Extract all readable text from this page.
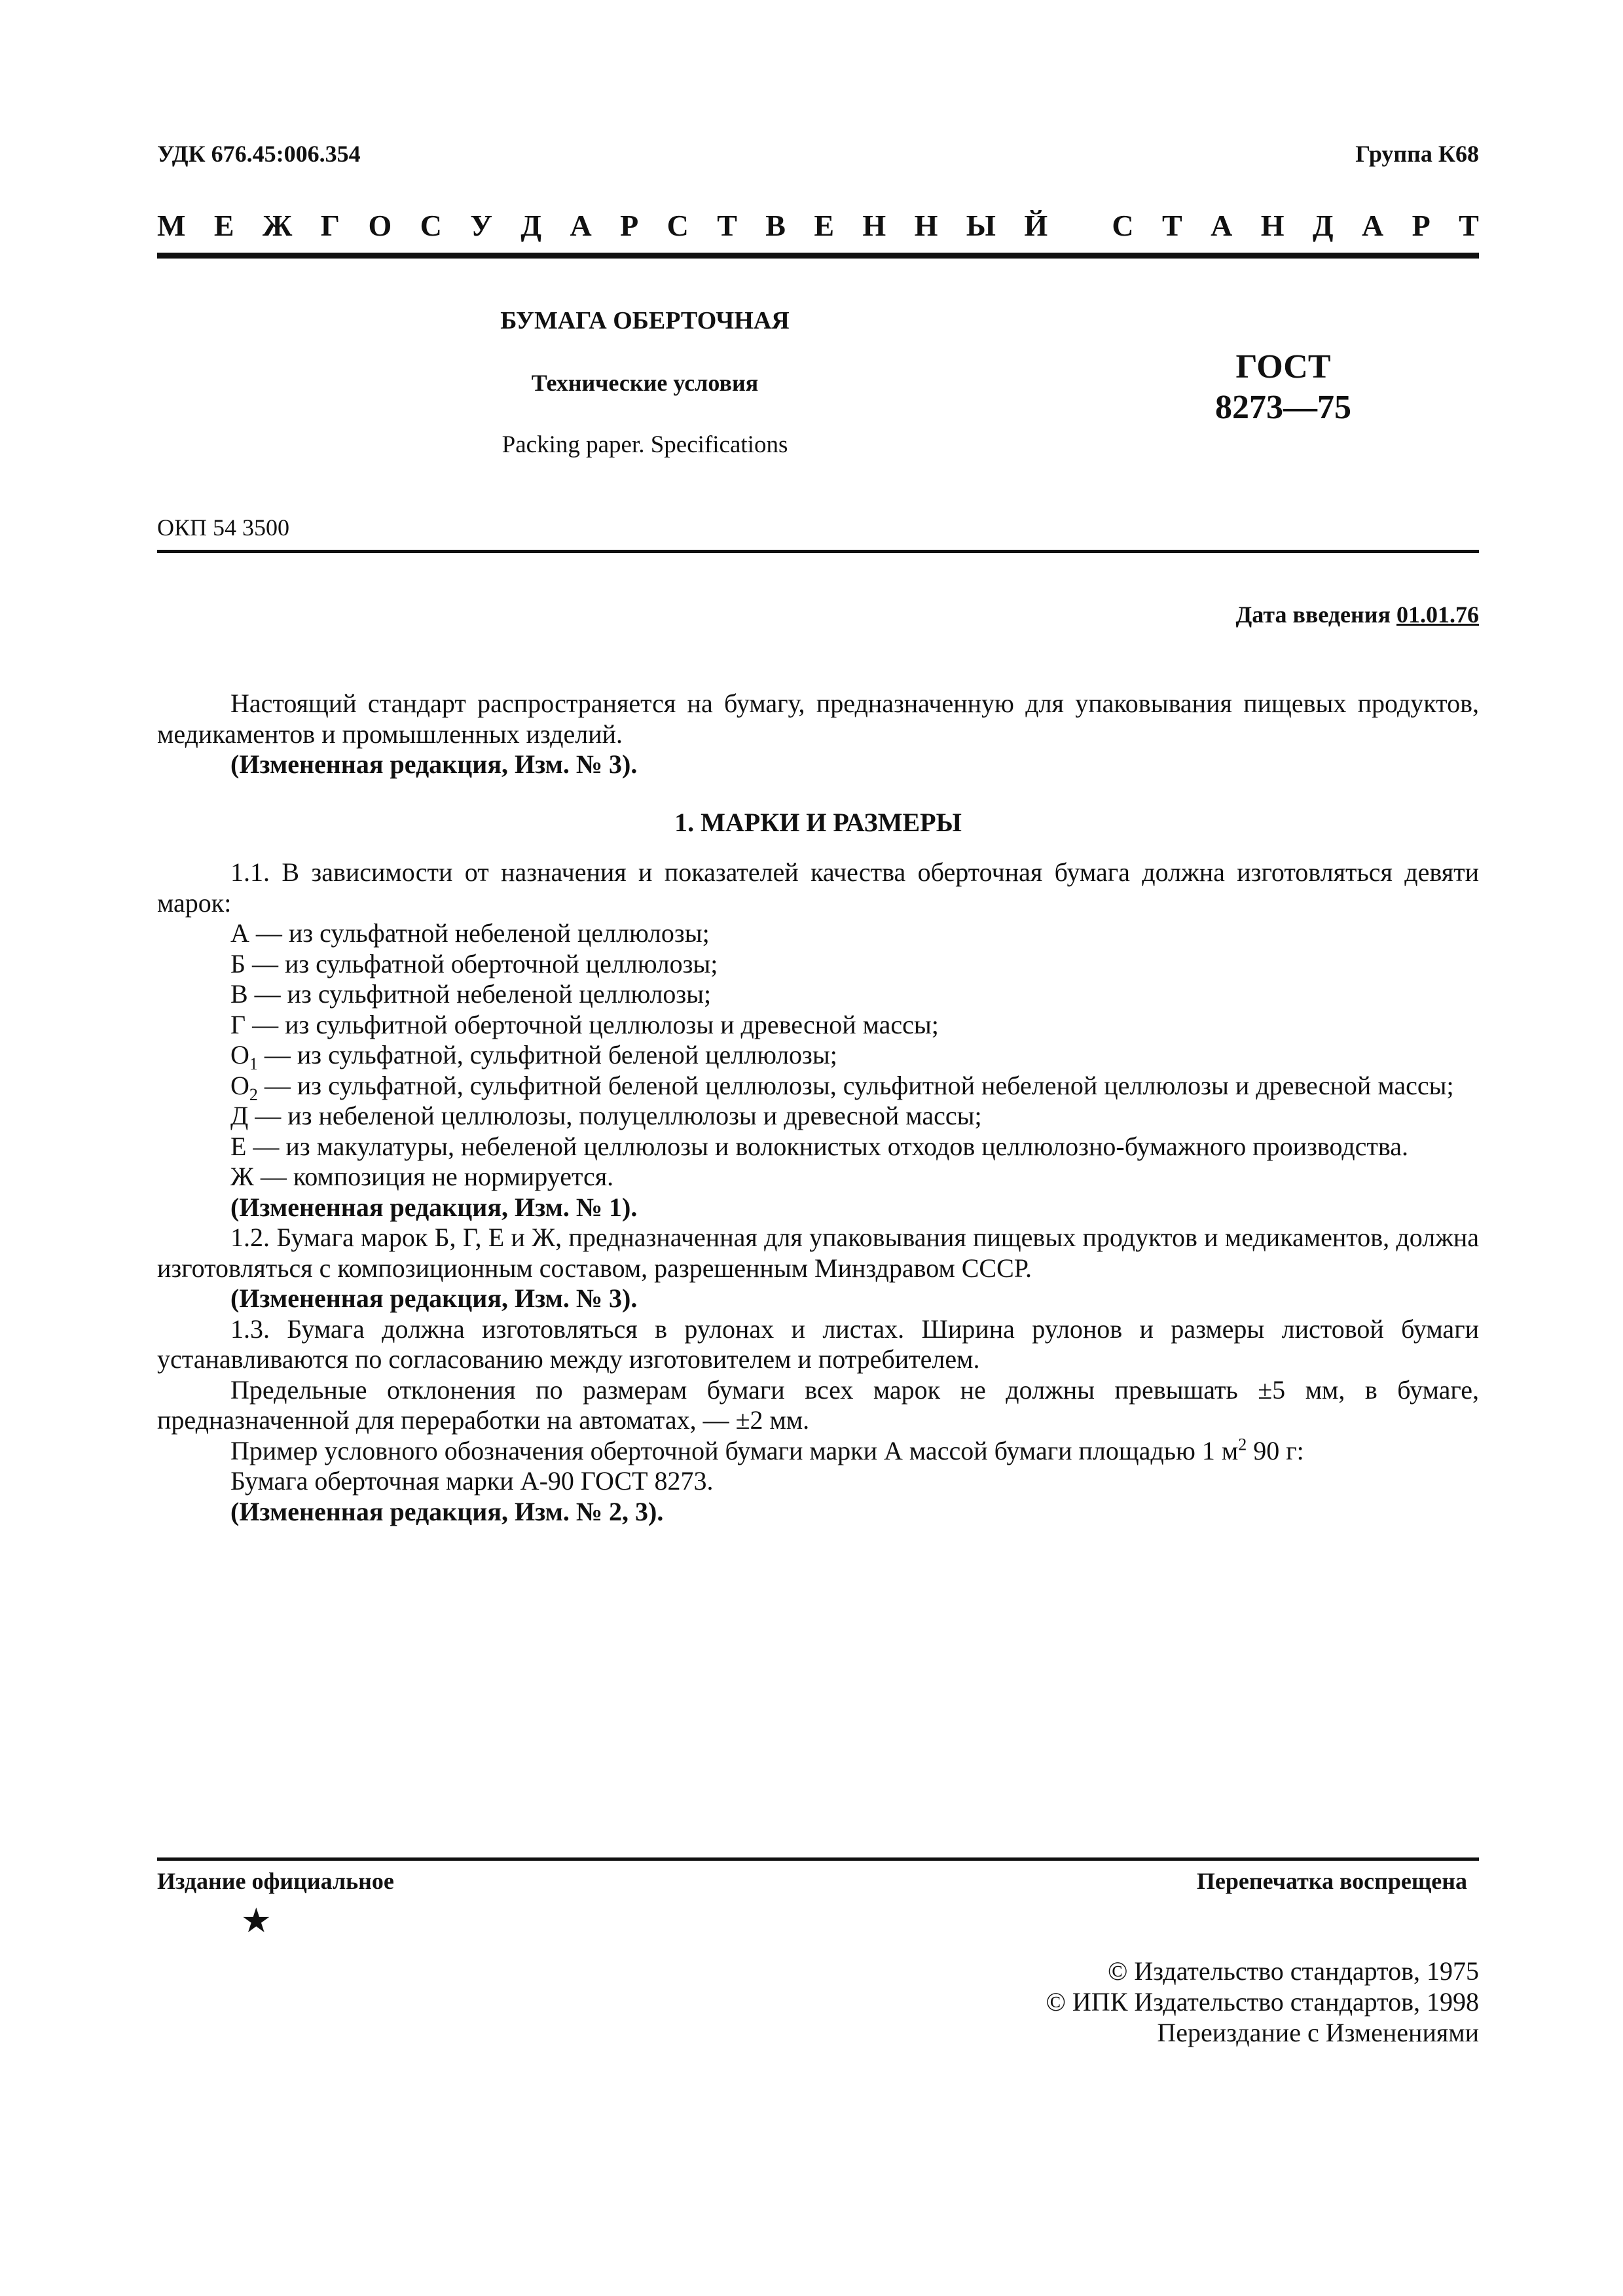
УДК 676.45:006.354	Группа К68
М Е Ж Г О С У Д А Р С Т В Е Н Н Ы Й
С Т А Н Д А Р Т
БУМАГА ОБЕРТОЧНАЯ
Технические условия
Packing paper. Specifications
ГОСТ
8273—75
ОКП 54 3500
Дата введения 01.01.76

Настоящий стандарт распространяется на бумагу, предназначенную для упаковывания пищевых продуктов, медикаментов и промышленных изделий.

(Измененная редакция, Изм. № 3).

1. МАРКИ И РАЗМЕРЫ

1.1. В зависимости от назначения и показателей качества оберточная бумага должна изготовляться девяти марок:

А — из сульфатной небеленой целлюлозы;

Б — из сульфатной оберточной целлюлозы;

В — из сульфитной небеленой целлюлозы;

Г — из сульфитной оберточной целлюлозы и древесной массы;

$О_1$ — из сульфатной, сульфитной беленой целлюлозы;

$О_2$ — из сульфатной, сульфитной беленой целлюлозы, сульфитной небеленой целлюлозы и древесной массы;

Д — из небеленой целлюлозы, полуцеллюлозы и древесной массы;

Е — из макулатуры, небеленой целлюлозы и волокнистых отходов целлюлозно-бумажного производства.

Ж — композиция не нормируется.

(Измененная редакция, Изм. № 1).

1.2. Бумага марок Б, Г, Е и Ж, предназначенная для упаковывания пищевых продуктов и медикаментов, должна изготовляться с композиционным составом, разрешенным Минздравом СССР.

(Измененная редакция, Изм. № 3).

1.3. Бумага должна изготовляться в рулонах и листах. Ширина рулонов и размеры листовой бумаги устанавливаются по согласованию между изготовителем и потребителем.

Предельные отклонения по размерам бумаги всех марок не должны превышать ±5 мм, в бумаге, предназначенной для переработки на автоматах, — ±2 мм.

Пример условного обозначения оберточной бумаги марки А массой бумаги площадью 1 $м^2$ 90 г:

Бумага оберточная марки А-90 ГОСТ 8273.

(Измененная редакция, Изм. № 2, 3).

Издание официальное	Перепечатка воспрещена
★
© Издательство стандартов, 1975
© ИПК Издательство стандартов, 1998
Переиздание с Изменениями
